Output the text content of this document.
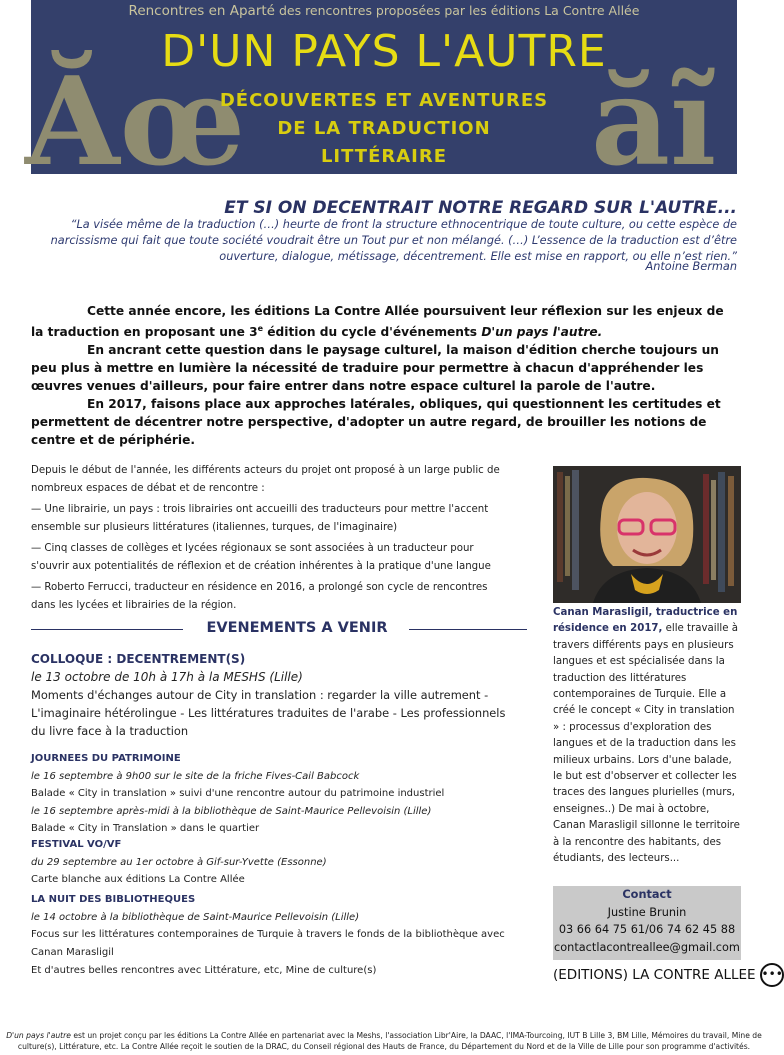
Ăœ	ăĩ
Rencontres en Aparté des rencontres proposées par les éditions La Contre Allée
D'UN PAYS L'AUTRE
DÉCOUVERTES ET AVENTURES
DE LA TRADUCTION
LITTÉRAIRE
ET SI ON DECENTRAIT NOTRE REGARD SUR L'AUTRE...
“La visée même de la traduction (…) heurte de front la structure ethnocentrique de toute culture, ou cette espèce de narcissisme qui fait que toute société voudrait être un Tout pur et non mélangé. (…) L’essence de la traduction est d’être ouverture, dialogue, métissage, décentrement. Elle est mise en rapport, ou elle n’est rien.”
Antoine Berman

Cette année encore, les éditions La Contre Allée poursuivent leur réflexion sur les enjeux de la traduction en proposant une 3e édition du cycle d'événements D'un pays l'autre.

En ancrant cette question dans le paysage culturel, la maison d'édition cherche toujours un peu plus à mettre en lumière la nécessité de traduire pour permettre à chacun d'appréhender les œuvres venues d'ailleurs, pour faire entrer dans notre espace culturel la parole de l'autre.

En 2017, faisons place aux approches latérales, obliques, qui questionnent les certitudes et permettent de décentrer notre perspective, d'adopter un autre regard, de brouiller les notions de centre et de périphérie.

Depuis le début de l'année, les différents acteurs du projet ont proposé à un large public de nombreux espaces de débat et de rencontre :

— Une librairie, un pays : trois librairies ont accueilli des traducteurs pour mettre l'accent ensemble sur plusieurs littératures (italiennes, turques, de l'imaginaire)

— Cinq classes de collèges et lycées régionaux se sont associées à un traducteur pour s'ouvrir aux potentialités de réflexion et de création inhérentes à la pratique d'une langue

— Roberto Ferrucci, traducteur en résidence en 2016, a prolongé son cycle de rencontres dans les lycées et librairies de la région.

EVENEMENTS A VENIR
COLLOQUE : DECENTREMENT(S)
le 13 octobre de 10h à 17h à la MESHS (Lille)
Moments d'échanges autour de City in translation : regarder la ville autrement - L'imaginaire hétérolingue - Les littératures traduites de l'arabe - Les professionnels du livre face à la traduction
JOURNEES DU PATRIMOINE
le 16 septembre à 9h00 sur le site de la friche Fives-Cail Babcock
Balade « City in translation » suivi d'une rencontre autour du patrimoine industriel
le 16 septembre après-midi à la bibliothèque de Saint-Maurice Pellevoisin (Lille)
Balade « City in Translation » dans le quartier
FESTIVAL VO/VF
du 29 septembre au 1er octobre à Gif-sur-Yvette (Essonne)
Carte blanche aux éditions La Contre Allée
LA NUIT DES BIBLIOTHEQUES
le 14 octobre à la bibliothèque de Saint-Maurice Pellevoisin (Lille)
Focus sur les littératures contemporaines de Turquie à travers le fonds de la bibliothèque avec Canan Marasligil
Et d'autres belles rencontres avec Littérature, etc, Mine de culture(s)
Canan Marasligil, traductrice en résidence en 2017, elle travaille à travers différents pays en plusieurs langues et est spécialisée dans la traduction des littératures contemporaines de Turquie. Elle a créé le concept « City in translation » : processus d'exploration des langues et de la traduction dans les milieux urbains. Lors d'une balade, le but est d'observer et collecter les traces des langues plurielles (murs, enseignes..) De mai à octobre, Canan Marasligil sillonne le territoire à la rencontre des habitants, des étudiants, des lecteurs...
Contact
Justine Brunin
03 66 64 75 61/06 74 62 45 88
contactlacontreallee@gmail.com
(EDITIONS) LA CONTRE ALLEE •••
D'un pays l'autre est un projet conçu par les éditions La Contre Allée en partenariat avec la Meshs, l'association Libr'Aire, la DAAC, l'IMA-Tourcoing, IUT B Lille 3, BM Lille, Mémoires du travail, Mine de culture(s), Littérature, etc. La Contre Allée reçoit le soutien de la DRAC, du Conseil régional des Hauts de France, du Département du Nord et de la Ville de Lille pour son programme d'activités.
